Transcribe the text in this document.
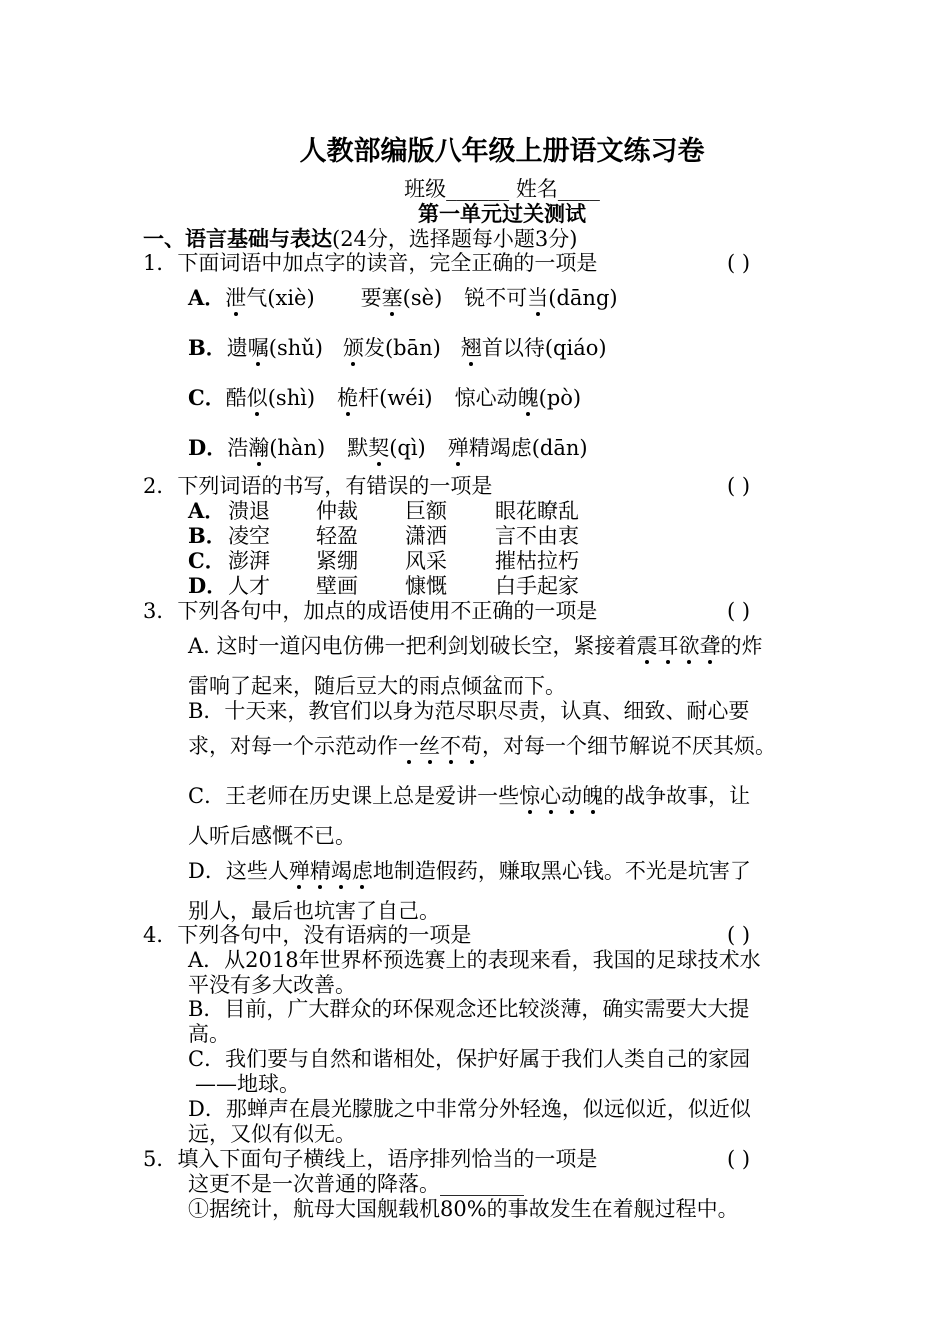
人教部编版八年级上册语文练习卷
班级______ 姓名____
第一单元过关测试
一、语言基础与表达(24分，选择题每小题3分)
1．下面词语中加点字的读音，完全正确的一项是	( )
A．泄气(xiè) 要塞(sè) 锐不可当(dāng)
B．遗嘱(shǔ) 颁发(bān) 翘首以待(qiáo)
C．酷似(shì) 桅杆(wéi) 惊心动魄(pò)
D．浩瀚(hàn) 默契(qì) 殚精竭虑(dān)
2．下列词语的书写，有错误的一项是	( )
A． 溃退 仲裁 巨额 眼花瞭乱
B． 凌空 轻盈 潇洒 言不由衷
C． 澎湃 紧绷 风采 摧枯拉朽
D． 人才 壁画 慷慨 白手起家
3．下列各句中，加点的成语使用不正确的一项是	( )
A. 这时一道闪电仿佛一把利剑划破长空，紧接着震耳欲聋的炸
雷响了起来，随后豆大的雨点倾盆而下。
B．十天来，教官们以身为范尽职尽责，认真、细致、耐心要
求，对每一个示范动作一丝不苟，对每一个细节解说不厌其烦。
C．王老师在历史课上总是爱讲一些惊心动魄的战争故事，让
人听后感慨不已。
D．这些人殚精竭虑地制造假药，赚取黑心钱。不光是坑害了
别人，最后也坑害了自己。
4．下列各句中，没有语病的一项是	( )
A．从2018年世界杯预选赛上的表现来看，我国的足球技术水
平没有多大改善。
B．目前，广大群众的环保观念还比较淡薄，确实需要大大提
高。
C．我们要与自然和谐相处，保护好属于我们人类自己的家园
——地球。
D．那蝉声在晨光朦胧之中非常分外轻逸，似远似近，似近似
远，又似有似无。
5．填入下面句子横线上，语序排列恰当的一项是	( )
这更不是一次普通的降落。________
①据统计，航母大国舰载机80%的事故发生在着舰过程中。
